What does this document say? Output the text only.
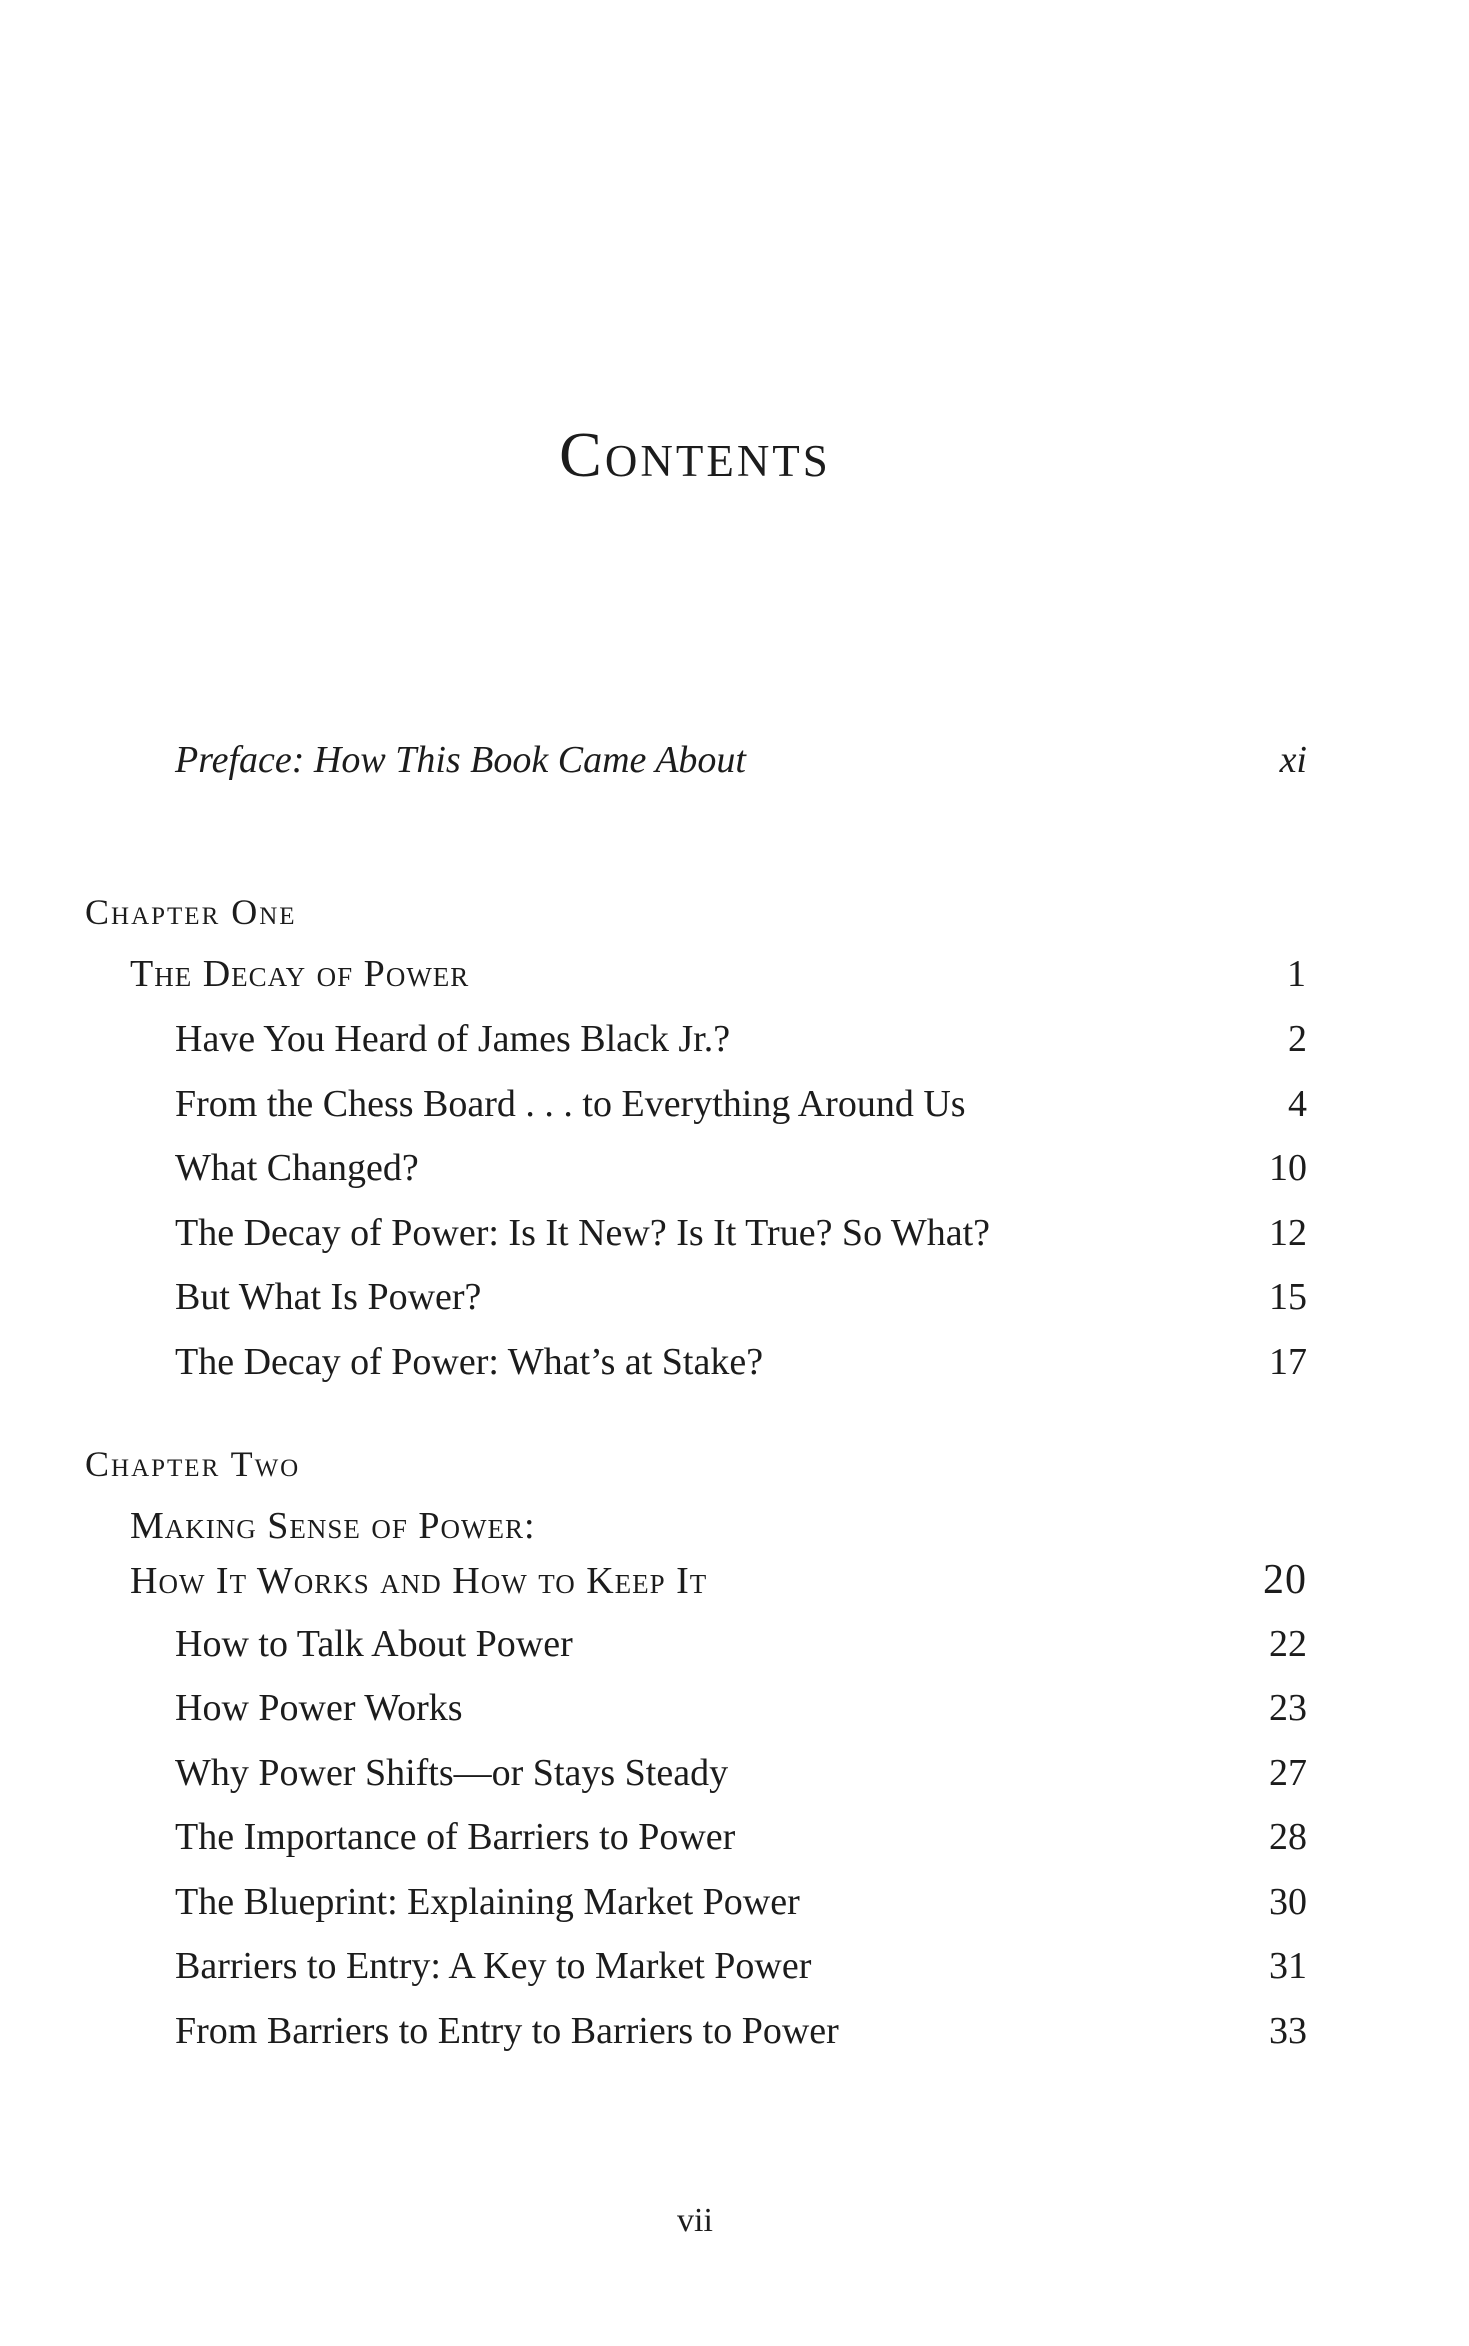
Contents
Preface: How This Book Came About	xi
Chapter One
The Decay of Power	1
Have You Heard of James Black Jr.?	2
From the Chess Board . . . to Everything Around Us	4
What Changed?	10
The Decay of Power: Is It New? Is It True? So What?	12
But What Is Power?	15
The Decay of Power: What’s at Stake?	17
Chapter Two
Making Sense of Power:
How It Works and How to Keep It	20
How to Talk About Power	22
How Power Works	23
Why Power Shifts—or Stays Steady	27
The Importance of Barriers to Power	28
The Blueprint: Explaining Market Power	30
Barriers to Entry: A Key to Market Power	31
From Barriers to Entry to Barriers to Power	33
vii
